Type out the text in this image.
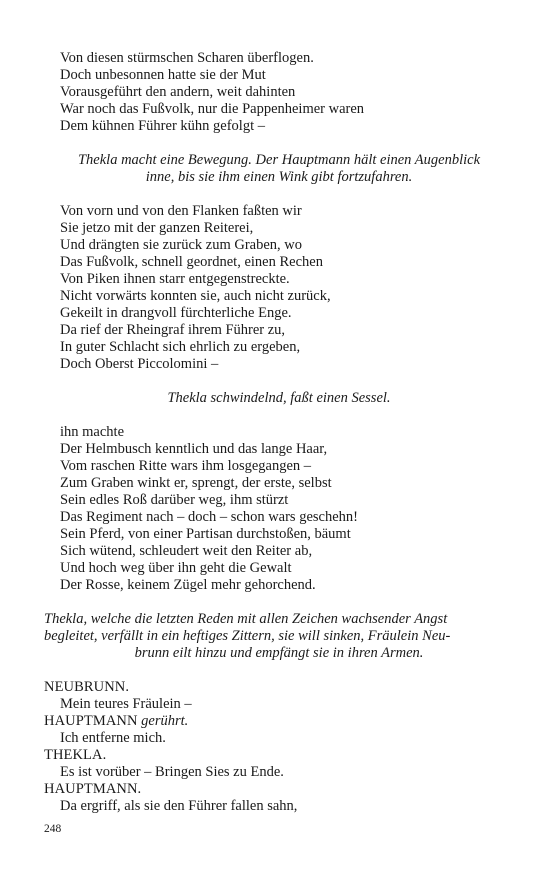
Von diesen stürmschen Scharen überflogen.
Doch unbesonnen hatte sie der Mut
Vorausgeführt den andern, weit dahinten
War noch das Fußvolk, nur die Pappenheimer waren
Dem kühnen Führer kühn gefolgt –
Thekla macht eine Bewegung. Der Hauptmann hält einen Augenblick
inne, bis sie ihm einen Wink gibt fortzufahren.
Von vorn und von den Flanken faßten wir
Sie jetzo mit der ganzen Reiterei,
Und drängten sie zurück zum Graben, wo
Das Fußvolk, schnell geordnet, einen Rechen
Von Piken ihnen starr entgegenstreckte.
Nicht vorwärts konnten sie, auch nicht zurück,
Gekeilt in drangvoll fürchterliche Enge.
Da rief der Rheingraf ihrem Führer zu,
In guter Schlacht sich ehrlich zu ergeben,
Doch Oberst Piccolomini –
Thekla schwindelnd, faßt einen Sessel.
ihn machte
Der Helmbusch kenntlich und das lange Haar,
Vom raschen Ritte wars ihm losgegangen –
Zum Graben winkt er, sprengt, der erste, selbst
Sein edles Roß darüber weg, ihm stürzt
Das Regiment nach – doch – schon wars geschehn!
Sein Pferd, von einer Partisan durchstoßen, bäumt
Sich wütend, schleudert weit den Reiter ab,
Und hoch weg über ihn geht die Gewalt
Der Rosse, keinem Zügel mehr gehorchend.
Thekla, welche die letzten Reden mit allen Zeichen wachsender Angst
begleitet, verfällt in ein heftiges Zittern, sie will sinken, Fräulein Neu-
brunn eilt hinzu und empfängt sie in ihren Armen.
NEUBRUNN.
Mein teures Fräulein –
HAUPTMANN gerührt.
Ich entferne mich.
THEKLA.
Es ist vorüber – Bringen Sies zu Ende.
HAUPTMANN.
Da ergriff, als sie den Führer fallen sahn,
248
